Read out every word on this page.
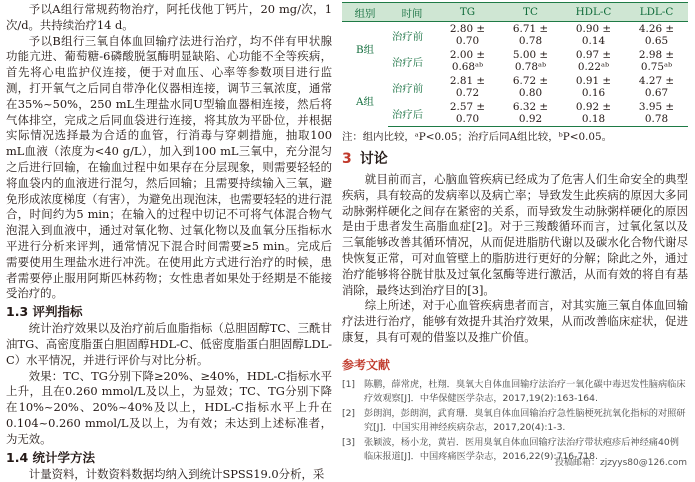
予以A组行常规药物治疗，阿托伐他丁钙片，20 mg/次，1次/d。共持续治疗14 d。

予以B组行三氧自体血回输疗法进行治疗，均不伴有甲状腺功能亢进、葡萄糖-6磷酸脱氢酶明显缺陷、心功能不全等疾病，首先将心电监护仪连接，便于对血压、心率等参数项目进行监测，打开氧气之后同自带净化仪器相连接，调节三氧浓度，通常在35%~50%，250 mL生理盐水同U型输血器相连接，然后将气体排空，完成之后同血袋进行连接，将其放为平卧位，并根据实际情况选择最为合适的血管，行消毒与穿刺措施，抽取100 mL血液（浓度为<40 g/L），加入到100 mL三氧中，充分混匀之后进行回输，在输血过程中如果存在分层现象，则需要轻轻的将血袋内的血液进行混匀，然后回输；且需要持续输入三氧，避免形成浓度梯度（有害），为避免出现泡沫，也需要轻轻的进行混合，时间约为5 min；在输入的过程中切记不可将气体混合物气泡混入到血液中，通过对氧化物、过氧化物以及血氧分压指标水平进行分析来评判，通常情况下混合时间需要≥5 min。完成后需要使用生理盐水进行冲洗。在使用此方式进行治疗的时候，患者需要停止服用阿斯匹林药物；女性患者如果处于经期是不能接受治疗的。

1.3 评判指标

统计治疗效果以及治疗前后血脂指标（总胆固醇TC、三酰甘油TG、高密度脂蛋白胆固醇HDL-C、低密度脂蛋白胆固醇LDL-C）水平情况，并进行评价与对比分析。

效果：TC、TG分别下降≥20%、≥40%，HDL-C指标水平上升，且在0.260 mmol/L及以上，为显效；TC、TG分别下降在10%~20%、20%~40%及以上，HDL-C指标水平上升在0.104~0.260 mmol/L及以上，为有效；未达到上述标准者，为无效。

1.4 统计学方法

计量资料，计数资料数据均纳入到统计SPSS19.0分析，采

组别	时间	TG	TC	HDL-C	LDL-C
B组	治疗前	2.80 ± 0.70	6.71 ± 0.78	0.90 ± 0.14	4.26 ± 0.65
	治疗后	2.00 ± 0.68ᵃᵇ	5.00 ± 0.78ᵃᵇ	0.97 ± 0.22ᵃᵇ	2.98 ± 0.75ᵃᵇ
A组	治疗前	2.81 ± 0.72	6.72 ± 0.80	0.91 ± 0.16	4.27 ± 0.67
	治疗后	2.57 ± 0.70	6.32 ± 0.92	0.92 ± 0.18	3.95 ± 0.78

注：组内比较，ᵃP<0.05；治疗后同A组比较，ᵇP<0.05。

3 讨论

就目前而言，心脑血管疾病已经成为了危害人们生命安全的典型疾病，具有较高的发病率以及病亡率；导致发生此疾病的原因大多同动脉粥样硬化之间存在紧密的关系，而导致发生动脉粥样硬化的原因是由于患者发生高脂血症[2]。对于三羧酸循环而言，过氧化氢以及三氧能够改善其循环情况，从而促进脂肪代谢以及碳水化合物代谢尽快恢复正常，可对血管壁上的脂肪进行更好的分解；除此之外，通过治疗能够将谷胱甘肽及过氧化氢酶等进行激活，从而有效的将自有基消除，最终达到治疗目的[3]。

综上所述，对于心血管疾病患者而言，对其实施三氧自体血回输疗法进行治疗，能够有效提升其治疗效果，从而改善临床症状，促进康复，具有可观的借鉴以及推广价值。

参考文献
[1] 陈鹏，薛常虎，杜翔．臭氧大自体血回输疗法治疗一氧化碳中毒迟发性脑病临床疗效观察[J]．中华保健医学杂志，2017,19(2):163-164.
[2] 彭朗润，彭朗润，武育珊．臭氧自体血回输治疗急性脑梗死抗氧化指标的对照研究[J]．中国实用神经疾病杂志，2017,20(4):1-3.
[3] 张颖波，杨小龙，黄岩．医用臭氧自体血回输疗法治疗带状疱疹后神经痛40例临床报道[J]．中国疼痛医学杂志，2016,22(9):716-718.
投稿邮箱：zjzyys80@126.com
